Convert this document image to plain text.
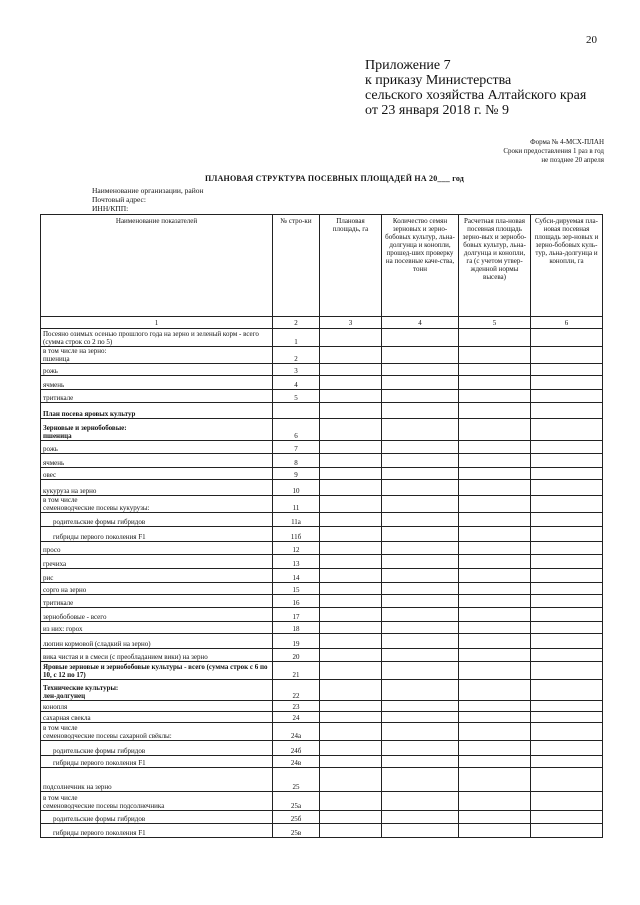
20
Приложение 7
к приказу Министерства
сельского хозяйства Алтайского края
от 23 января 2018 г. № 9
Форма № 4-МСХ-ПЛАН
Сроки предоставления 1 раз в год
не позднее 20 апреля
ПЛАНОВАЯ СТРУКТУРА ПОСЕВНЫХ ПЛОЩАДЕЙ НА 20___ год
Наименование организации, район
Почтовый адрес:
ИНН/КПП:
Наименование показателей	№ стро-ки	Плановая площадь, га	Количество семян зерновых и зерно-бобовых культур, льна-долгунца и конопли, прошед-ших проверку на посевные каче-ства, тонн	Расчетная пла-новая посевная площадь зерно-вых и зернобо-бовых культур, льна-долгунца и конопли, га (с учетом утвер-жденной нормы высева)	Субси-дируемая пла-новая посевная площадь зер-новых и зерно-бобовых куль-тур, льна-долгунца и конопли, га
1	2	3	4	5	6
Посеяно озимых осенью прошлого года на зерно и зеленый корм - всего (сумма строк со 2 по 5)	1				
в том числе на зерно:
пшеница	2				
рожь	3				
ячмень	4				
тритикале	5				
План посева яровых культур					
Зерновые и зернобобовые:
пшеница	6				
рожь	7				
ячмень	8				
овес	9				
кукуруза на зерно	10				
в том числе
семеноводческие посевы кукурузы:	11				
родительские формы гибридов	11а				
гибриды первого поколения F1	11б				
просо	12				
гречиха	13				
рис	14				
сорго на зерно	15				
тритикале	16				
зернобобовые - всего	17				
из них: горох	18				
люпин кормовой (сладкий на зерно)	19				
вика чистая и в смеси (с преобладанием вики) на зерно	20				
Яровые зерновые и зернобобовые культуры - всего (сумма строк с 6 по 10, с 12 по 17)	21				
Технические культуры:
лен-долгунец	22				
конопля	23				
сахарная свекла	24				
в том числе
семеноводческие посевы сахарной свёклы:	24а				
родительские формы гибридов	24б				
гибриды первого поколения F1	24в				
подсолнечник на зерно	25				
в том числе
семеноводческие посевы подсолнечника	25а				
родительские формы гибридов	25б				
гибриды первого поколения F1	25в				
